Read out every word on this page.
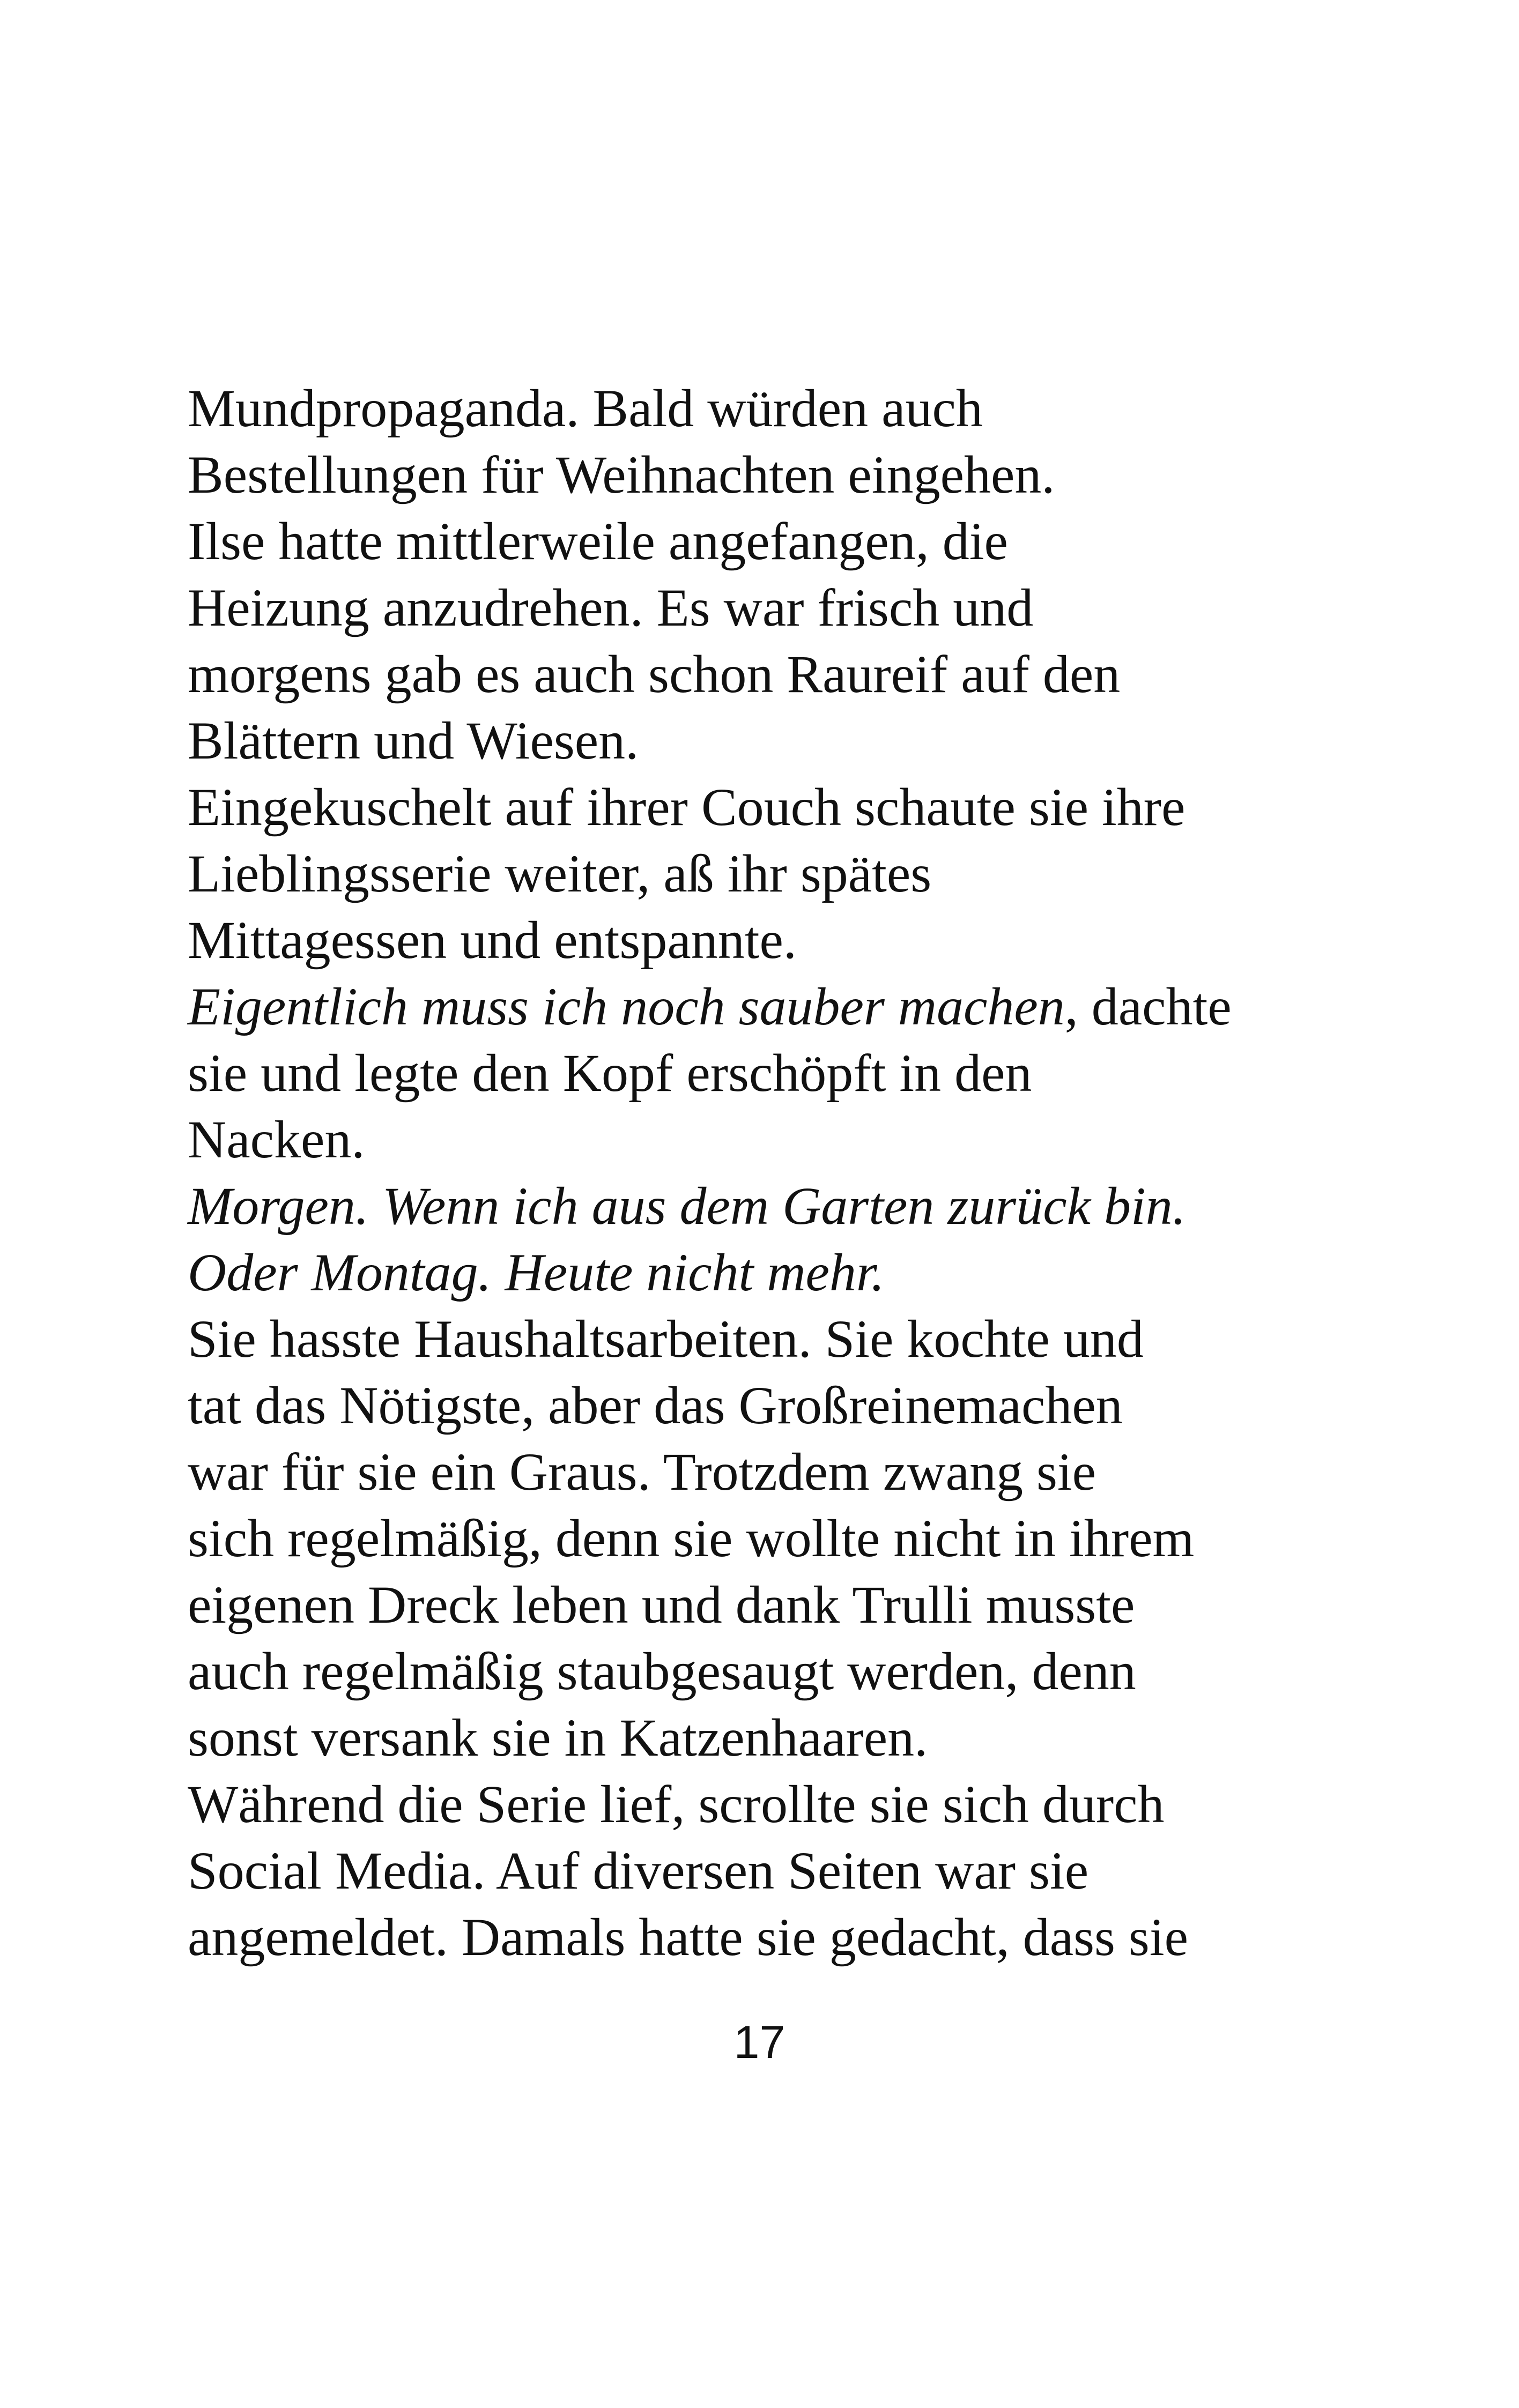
Mundpropaganda. Bald würden auch
Bestellungen für Weihnachten eingehen.
Ilse hatte mittlerweile angefangen, die
Heizung anzudrehen. Es war frisch und
morgens gab es auch schon Raureif auf den
Blättern und Wiesen.
Eingekuschelt auf ihrer Couch schaute sie ihre
Lieblingsserie weiter, aß ihr spätes
Mittagessen und entspannte.
Eigentlich muss ich noch sauber machen, dachte
sie und legte den Kopf erschöpft in den
Nacken.
Morgen. Wenn ich aus dem Garten zurück bin.
Oder Montag. Heute nicht mehr.
Sie hasste Haushaltsarbeiten. Sie kochte und
tat das Nötigste, aber das Großreinemachen
war für sie ein Graus. Trotzdem zwang sie
sich regelmäßig, denn sie wollte nicht in ihrem
eigenen Dreck leben und dank Trulli musste
auch regelmäßig staubgesaugt werden, denn
sonst versank sie in Katzenhaaren.
Während die Serie lief, scrollte sie sich durch
Social Media. Auf diversen Seiten war sie
angemeldet. Damals hatte sie gedacht, dass sie
17
